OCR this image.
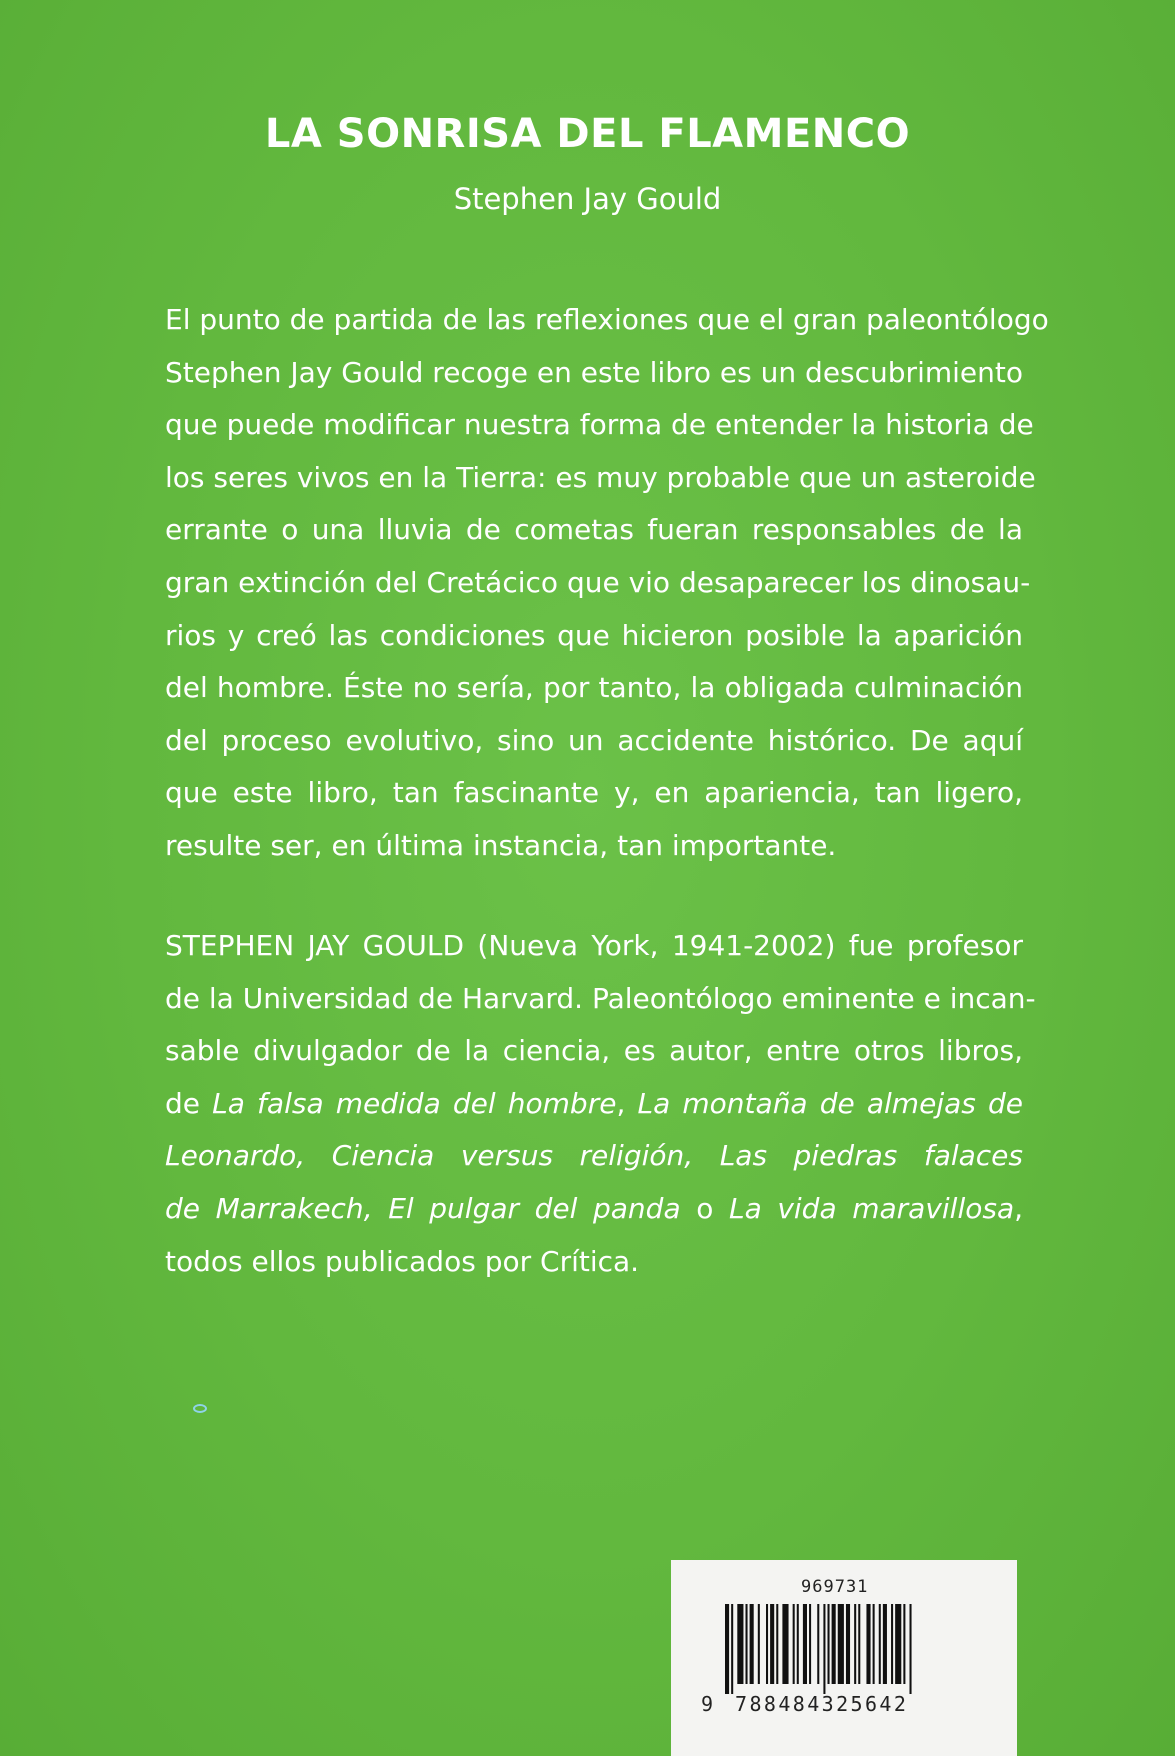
LA SONRISA DEL FLAMENCO
Stephen Jay Gould

El punto de partida de las reflexiones que el gran paleontólogo
Stephen Jay Gould recoge en este libro es un descubrimiento
que puede modificar nuestra forma de entender la historia de
los seres vivos en la Tierra: es muy probable que un asteroide
errante o una lluvia de cometas fueran responsables de la
gran extinción del Cretácico que vio desaparecer los dinosau-
rios y creó las condiciones que hicieron posible la aparición
del hombre. Éste no sería, por tanto, la obligada culminación
del proceso evolutivo, sino un accidente histórico. De aquí
que este libro, tan fascinante y, en apariencia, tan ligero,
resulte ser, en última instancia, tan importante.

STEPHEN JAY GOULD (Nueva York, 1941-2002) fue profesor
de la Universidad de Harvard. Paleontólogo eminente e incan-
sable divulgador de la ciencia, es autor, entre otros libros,
de La falsa medida del hombre, La montaña de almejas de
Leonardo, Ciencia versus religión, Las piedras falaces
de Marrakech, El pulgar del panda o La vida maravillosa,
todos ellos publicados por Crítica.

969731
9 788484325642
